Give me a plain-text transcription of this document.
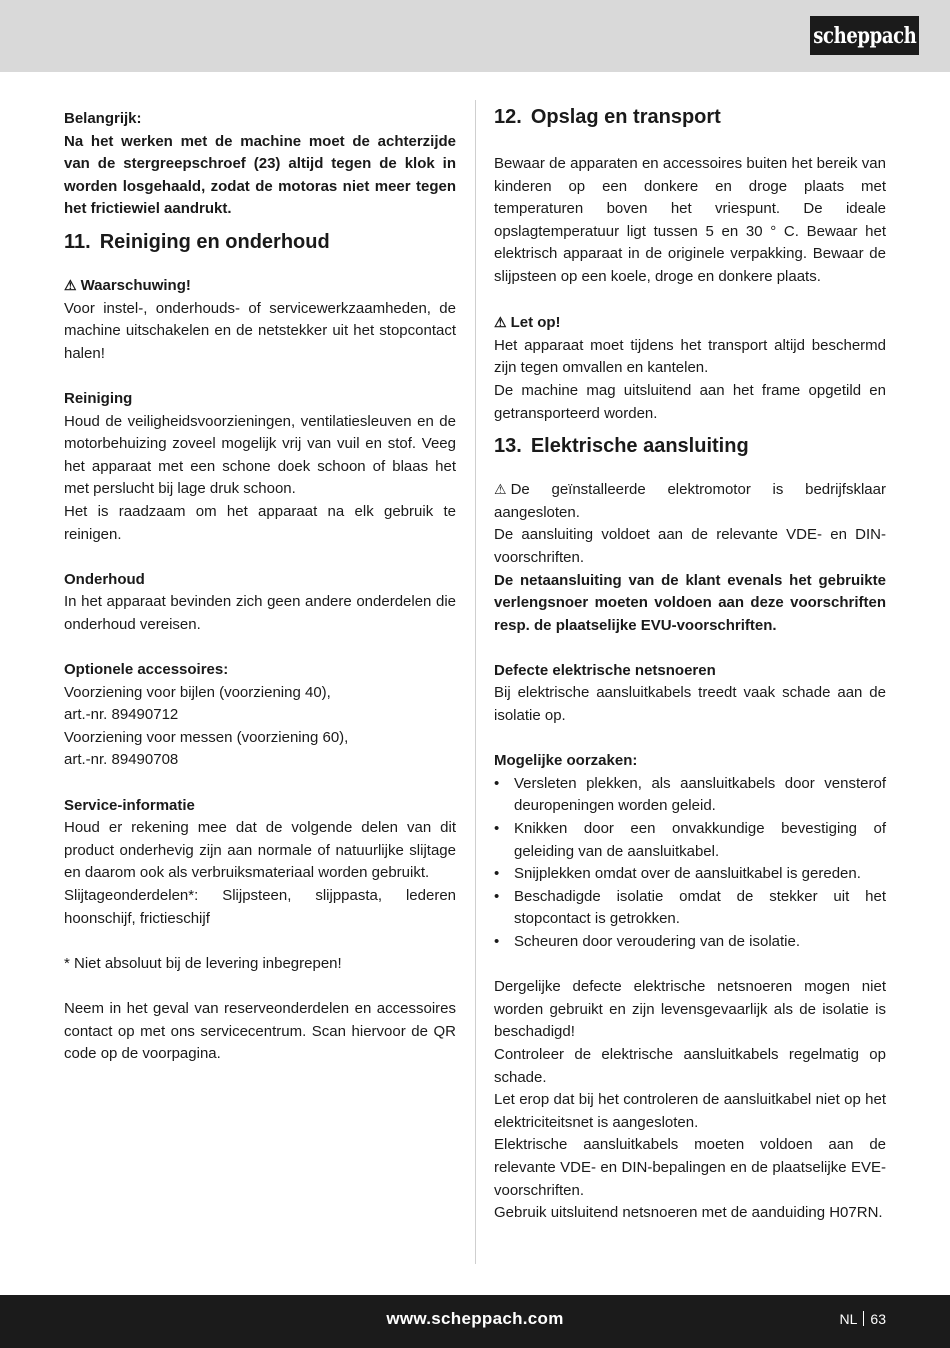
scheppach

Belangrijk:

Na het werken met de machine moet de achterzijde van de stergreepschroef (23) altijd tegen de klok in worden losgehaald, zodat de motoras niet meer tegen het frictiewiel aandrukt.

11. Reiniging en onderhoud

⚠ Waarschuwing!

Voor instel-, onderhouds- of servicewerkzaamheden, de machine uitschakelen en de netstekker uit het stopcontact halen!

Reiniging

Houd de veiligheidsvoorzieningen, ventilatiesleuven en de motorbehuizing zoveel mogelijk vrij van vuil en stof. Veeg het apparaat met een schone doek schoon of blaas het met perslucht bij lage druk schoon.

Het is raadzaam om het apparaat na elk gebruik te reinigen.

Onderhoud

In het apparaat bevinden zich geen andere onderdelen die onderhoud vereisen.

Optionele accessoires:

Voorziening voor bijlen (voorziening 40),

art.-nr. 89490712

Voorziening voor messen (voorziening 60),

art.-nr. 89490708

Service-informatie

Houd er rekening mee dat de volgende delen van dit product onderhevig zijn aan normale of natuurlijke slijtage en daarom ook als verbruiksmateriaal worden gebruikt.

Slijtageonderdelen*: Slijpsteen, slijppasta, lederen hoonschijf, frictieschijf

* Niet absoluut bij de levering inbegrepen!

Neem in het geval van reserveonderdelen en accessoires contact op met ons servicecentrum. Scan hiervoor de QR code op de voorpagina.

12. Opslag en transport

Bewaar de apparaten en accessoires buiten het bereik van kinderen op een donkere en droge plaats met temperaturen boven het vriespunt. De ideale opslagtemperatuur ligt tussen 5 en 30 ° C. Bewaar het elektrisch apparaat in de originele verpakking. Bewaar de slijpsteen op een koele, droge en donkere plaats.

⚠ Let op!

Het apparaat moet tijdens het transport altijd beschermd zijn tegen omvallen en kantelen.

De machine mag uitsluitend aan het frame opgetild en getransporteerd worden.

13. Elektrische aansluiting

⚠ De geïnstalleerde elektromotor is bedrijfsklaar aangesloten.

De aansluiting voldoet aan de relevante VDE- en DIN-voorschriften.

De netaansluiting van de klant evenals het gebruikte verlengsnoer moeten voldoen aan deze voorschriften resp. de plaatselijke EVU-voorschriften.

Defecte elektrische netsnoeren

Bij elektrische aansluitkabels treedt vaak schade aan de isolatie op.

Mogelijke oorzaken:

• Versleten plekken, als aansluitkabels door vensterof deuropeningen worden geleid.
• Knikken door een onvakkundige bevestiging of geleiding van de aansluitkabel.
• Snijplekken omdat over de aansluitkabel is gereden.
• Beschadigde isolatie omdat de stekker uit het stopcontact is getrokken.
• Scheuren door veroudering van de isolatie.

Dergelijke defecte elektrische netsnoeren mogen niet worden gebruikt en zijn levensgevaarlijk als de isolatie is beschadigd!

Controleer de elektrische aansluitkabels regelmatig op schade.

Let erop dat bij het controleren de aansluitkabel niet op het elektriciteitsnet is aangesloten.

Elektrische aansluitkabels moeten voldoen aan de relevante VDE- en DIN-bepalingen en de plaatselijke EVE-voorschriften.

Gebruik uitsluitend netsnoeren met de aanduiding H07RN.

www.scheppach.com	NL 63
